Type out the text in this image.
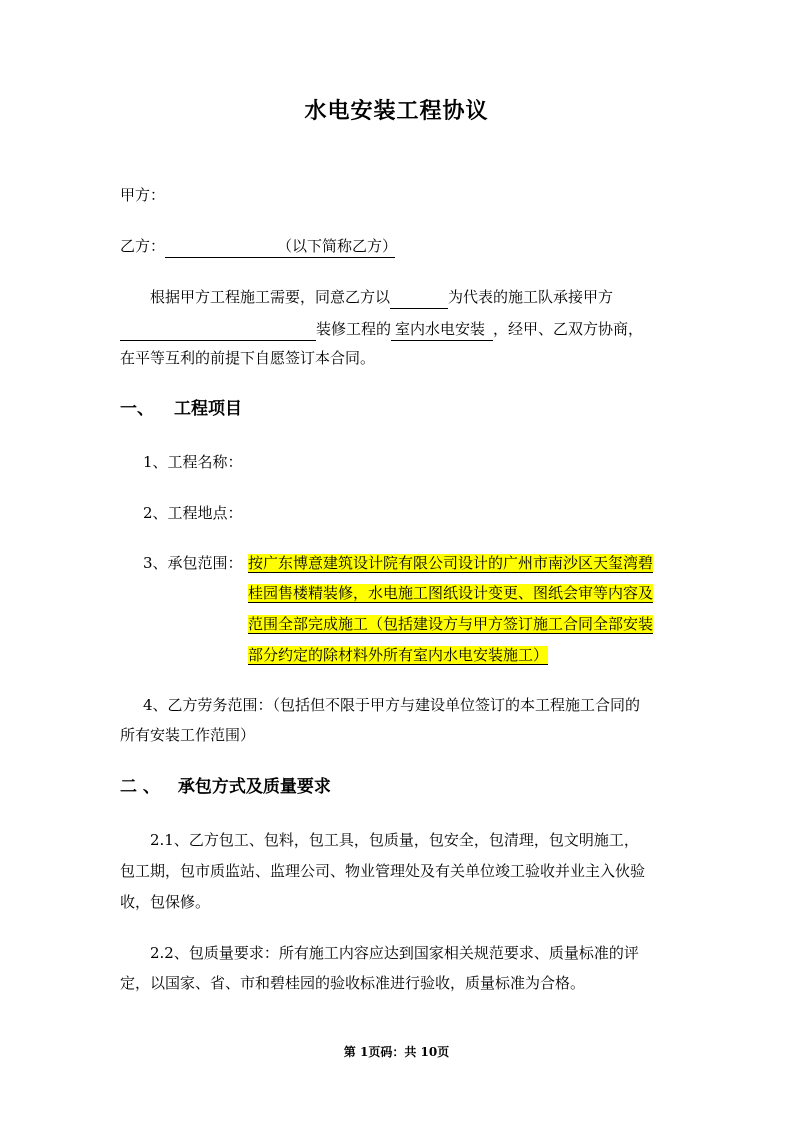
水电安装工程协议
甲方：
乙方：	（以下简称乙方）
根据甲方工程施工需要，同意乙方以	为代表的施工队承接甲方
装修工程的 室内水电安装 ，经甲、乙双方协商，
在平等互利的前提下自愿签订本合同。
一、 工程项目
1、工程名称：
2、工程地点：
3、承包范围： 按广东博意建筑设计院有限公司设计的广州市南沙区天玺湾碧
桂园售楼精装修，水电施工图纸设计变更、图纸会审等内容及
范围全部完成施工（包括建设方与甲方签订施工合同全部安装
部分约定的除材料外所有室内水电安装施工）
4、乙方劳务范围：（包括但不限于甲方与建设单位签订的本工程施工合同的
所有安装工作范围）
二 、 承包方式及质量要求
2.1、乙方包工、包料，包工具，包质量，包安全，包清理，包文明施工，
包工期，包市质监站、监理公司、物业管理处及有关单位竣工验收并业主入伙验
收，包保修。
2.2、包质量要求：所有施工内容应达到国家相关规范要求、质量标准的评
定，以国家、省、市和碧桂园的验收标准进行验收，质量标准为合格。
第 1页码：共 10页
